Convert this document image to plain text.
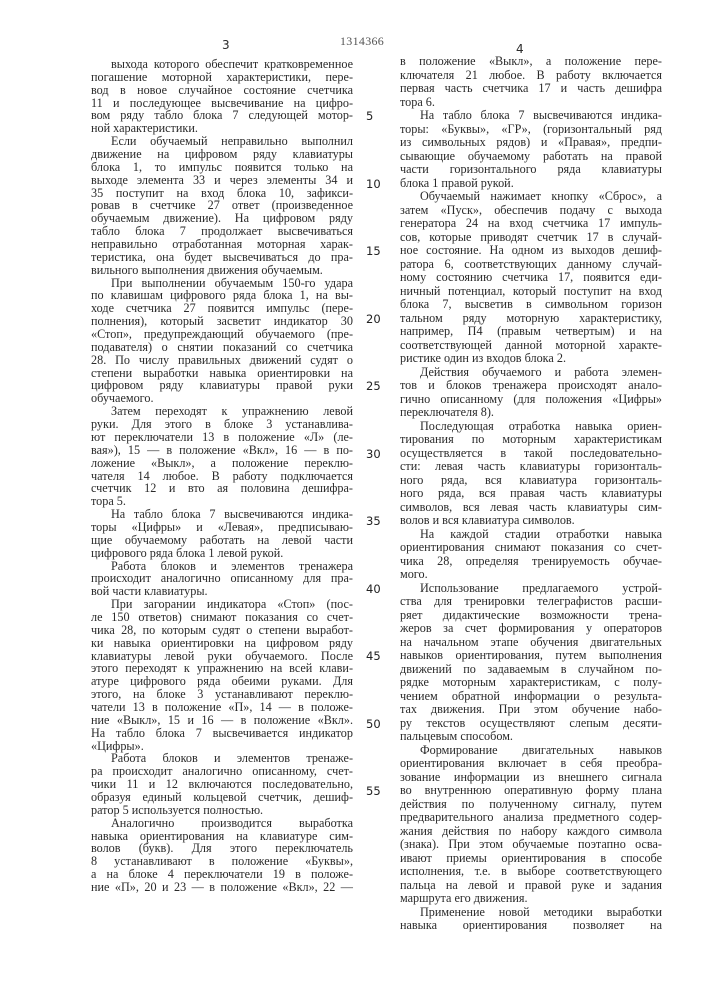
1314366
3	4
выхода которого обеспечит кратковременное
погашение моторной характеристики, пере-
вод в новое случайное состояние счетчика
11 и последующее высвечивание на цифро-
вом ряду табло блока 7 следующей мотор-
ной характеристики.
Если обучаемый неправильно выполнил
движение на цифровом ряду клавиатуры
блока 1, то импульс появится только на
выходе элемента 33 и через элементы 34 и
35 поступит на вход блока 10, зафикси-
ровав в счетчике 27 ответ (произведенное
обучаемым движение). На цифровом ряду
табло блока 7 продолжает высвечиваться
неправильно отработанная моторная харак-
теристика, она будет высвечиваться до пра-
вильного выполнения движения обучаемым.
При выполнении обучаемым 150-го удара
по клавишам цифрового ряда блока 1, на вы-
ходе счетчика 27 появится импульс (пере-
полнения), который засветит индикатор 30
«Стоп», предупреждающий обучаемого (пре-
подавателя) о снятии показаний со счетчика
28. По числу правильных движений судят о
степени выработки навыка ориентировки на
цифровом ряду клавиатуры правой руки
обучаемого.
Затем переходят к упражнению левой
руки. Для этого в блоке 3 устанавлива-
ют переключатели 13 в положение «Л» (ле-
вая»), 15 — в положение «Вкл», 16 — в по-
ложение «Выкл», а положение переклю-
чателя 14 любое. В работу подключается
счетчик 12 и вто ая половина дешифра-
тора 5.
На табло блока 7 высвечиваются индика-
торы «Цифры» и «Левая», предписываю-
щие обучаемому работать на левой части
цифрового ряда блока 1 левой рукой.
Работа блоков и элементов тренажера
происходит аналогично описанному для пра-
вой части клавиатуры.
При загорании индикатора «Стоп» (пос-
ле 150 ответов) снимают показания со счет-
чика 28, по которым судят о степени выработ-
ки навыка ориентировки на цифровом ряду
клавиатуры левой руки обучаемого. После
этого переходят к упражнению на всей клави-
атуре цифрового ряда обеими руками. Для
этого, на блоке 3 устанавливают переклю-
чатели 13 в положение «П», 14 — в положе-
ние «Выкл», 15 и 16 — в положение «Вкл».
На табло блока 7 высвечивается индикатор
«Цифры».
Работа блоков и элементов тренаже-
ра происходит аналогично описанному, счет-
чики 11 и 12 включаются последовательно,
образуя единый кольцевой счетчик, дешиф-
ратор 5 используется полностью.
Аналогично производится выработка
навыка ориентирования на клавиатуре сим-
волов (букв). Для этого переключатель
8 устанавливают в положение «Буквы»,
а на блоке 4 переключатели 19 в положе-
ние «П», 20 и 23 — в положение «Вкл», 22 —
в положение «Выкл», а положение пере-
ключателя 21 любое. В работу включается
первая часть счетчика 17 и часть дешифра
тора 6.
На табло блока 7 высвечиваются индика-
торы: «Буквы», «ГР», (горизонтальный ряд
из символьных рядов) и «Правая», предпи-
сывающие обучаемому работать на правой
части горизонтального ряда клавиатуры
блока 1 правой рукой.
Обучаемый нажимает кнопку «Сброс», а
затем «Пуск», обеспечив подачу с выхода
генератора 24 на вход счетчика 17 импуль-
сов, которые приводят счетчик 17 в случай-
ное состояние. На одном из выходов дешиф-
ратора 6, соответствующих данному случай-
ному состоянию счетчика 17, появится еди-
ничный потенциал, который поступит на вход
блока 7, высветив в символьном горизон
тальном ряду моторную характеристику,
например, П4 (правым четвертым) и на
соответствующей данной моторной характе-
ристике один из входов блока 2.
Действия обучаемого и работа элемен-
тов и блоков тренажера происходят анало-
гично описанному (для положения «Цифры»
переключателя 8).
Последующая отработка навыка ориен-
тирования по моторным характеристикам
осуществляется в такой последовательно-
сти: левая часть клавиатуры горизонталь-
ного ряда, вся клавиатура горизонталь-
ного ряда, вся правая часть клавиатуры
символов, вся левая часть клавиатуры сим-
волов и вся клавиатура символов.
На каждой стадии отработки навыка
ориентирования снимают показания со счет-
чика 28, определяя тренируемость обучае-
мого.
Использование предлагаемого устрой-
ства для тренировки телеграфистов расши-
ряет дидактические возможности трена-
жеров за счет формирования у операторов
на начальном этапе обучения двигательных
навыков ориентирования, путем выполнения
движений по задаваемым в случайном по-
рядке моторным характеристикам, с полу-
чением обратной информации о результа-
тах движения. При этом обучение набо-
ру текстов осуществляют слепым десяти-
пальцевым способом.
Формирование двигательных навыков
ориентирования включает в себя преобра-
зование информации из внешнего сигнала
во внутреннюю оперативную форму плана
действия по полученному сигналу, путем
предварительного анализа предметного содер-
жания действия по набору каждого символа
(знака). При этом обучаемые поэтапно осва-
ивают приемы ориентирования в способе
исполнения, т.е. в выборе соответствующего
пальца на левой и правой руке и задания
маршрута его движения.
Применение новой методики выработки
навыка ориентирования позволяет на
5
10
15
20
25
30
35
40
45
50
55
